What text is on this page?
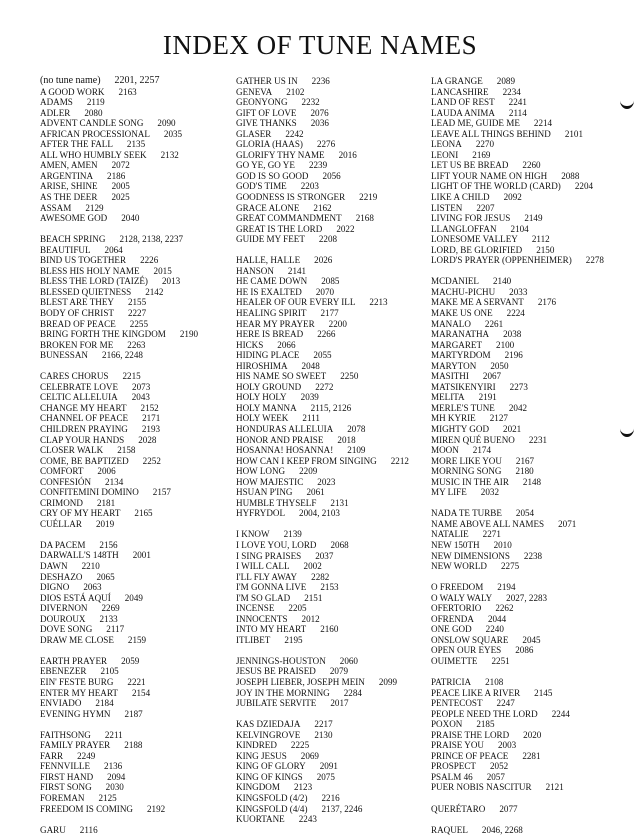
INDEX OF TUNE NAMES
(no tune name) 2201, 2257
A GOOD WORK 2163
ADAMS 2119
ADLER 2080
ADVENT CANDLE SONG 2090
AFRICAN PROCESSIONAL 2035
AFTER THE FALL 2135
ALL WHO HUMBLY SEEK 2132
AMEN, AMEN 2072
ARGENTINA 2186
ARISE, SHINE 2005
AS THE DEER 2025
ASSAM 2129
AWESOME GOD 2040
BEACH SPRING 2128, 2138, 2237
BEAUTIFUL 2064
BIND US TOGETHER 2226
BLESS HIS HOLY NAME 2015
BLESS THE LORD (TAIZÉ) 2013
BLESSED QUIETNESS 2142
BLEST ARE THEY 2155
BODY OF CHRIST 2227
BREAD OF PEACE 2255
BRING FORTH THE KINGDOM 2190
BROKEN FOR ME 2263
BUNESSAN 2166, 2248
CARES CHORUS 2215
CELEBRATE LOVE 2073
CELTIC ALLELUIA 2043
CHANGE MY HEART 2152
CHANNEL OF PEACE 2171
CHILDREN PRAYING 2193
CLAP YOUR HANDS 2028
CLOSER WALK 2158
COME, BE BAPTIZED 2252
COMFORT 2006
CONFESIÓN 2134
CONFITEMINI DOMINO 2157
CRIMOND 2181
CRY OF MY HEART 2165
CUÉLLAR 2019
DA PACEM 2156
DARWALL'S 148TH 2001
DAWN 2210
DESHAZO 2065
DIGNO 2063
DIOS ESTÁ AQUÍ 2049
DIVERNON 2269
DOUROUX 2133
DOVE SONG 2117
DRAW ME CLOSE 2159
EARTH PRAYER 2059
EBENEZER 2105
EIN' FESTE BURG 2221
ENTER MY HEART 2154
ENVIADO 2184
EVENING HYMN 2187
FAITHSONG 2211
FAMILY PRAYER 2188
FARR 2249
FENNVILLE 2136
FIRST HAND 2094
FIRST SONG 2030
FOREMAN 2125
FREEDOM IS COMING 2192
GARU 2116
GATHER US IN 2236
GENEVA 2102
GEONYONG 2232
GIFT OF LOVE 2076
GIVE THANKS 2036
GLASER 2242
GLORIA (HAAS) 2276
GLORIFY THY NAME 2016
GO YE, GO YE 2239
GOD IS SO GOOD 2056
GOD'S TIME 2203
GOODNESS IS STRONGER 2219
GRACE ALONE 2162
GREAT COMMANDMENT 2168
GREAT IS THE LORD 2022
GUIDE MY FEET 2208
HALLE, HALLE 2026
HANSON 2141
HE CAME DOWN 2085
HE IS EXALTED 2070
HEALER OF OUR EVERY ILL 2213
HEALING SPIRIT 2177
HEAR MY PRAYER 2200
HERE IS BREAD 2266
HICKS 2066
HIDING PLACE 2055
HIROSHIMA 2048
HIS NAME SO SWEET 2250
HOLY GROUND 2272
HOLY HOLY 2039
HOLY MANNA 2115, 2126
HOLY WEEK 2111
HONDURAS ALLELUIA 2078
HONOR AND PRAISE 2018
HOSANNA! HOSANNA! 2109
HOW CAN I KEEP FROM SINGING 2212
HOW LONG 2209
HOW MAJESTIC 2023
HSUAN P'ING 2061
HUMBLE THYSELF 2131
HYFRYDOL 2004, 2103
I KNOW 2139
I LOVE YOU, LORD 2068
I SING PRAISES 2037
I WILL CALL 2002
I'LL FLY AWAY 2282
I'M GONNA LIVE 2153
I'M SO GLAD 2151
INCENSE 2205
INNOCENTS 2012
INTO MY HEART 2160
ITLIBET 2195
JENNINGS-HOUSTON 2060
JESUS BE PRAISED 2079
JOSEPH LIEBER, JOSEPH MEIN 2099
JOY IN THE MORNING 2284
JUBILATE SERVITE 2017
KAS DZIEDAJA 2217
KELVINGROVE 2130
KINDRED 2225
KING JESUS 2069
KING OF GLORY 2091
KING OF KINGS 2075
KINGDOM 2123
KINGSFOLD (4/2) 2216
KINGSFOLD (4/4) 2137, 2246
KUORTANE 2243
LA GRANGE 2089
LANCASHIRE 2234
LAND OF REST 2241
LAUDA ANIMA 2114
LEAD ME, GUIDE ME 2214
LEAVE ALL THINGS BEHIND 2101
LEONA 2270
LEONI 2169
LET US BE BREAD 2260
LIFT YOUR NAME ON HIGH 2088
LIGHT OF THE WORLD (CARD) 2204
LIKE A CHILD 2092
LISTEN 2207
LIVING FOR JESUS 2149
LLANGLOFFAN 2104
LONESOME VALLEY 2112
LORD, BE GLORIFIED 2150
LORD'S PRAYER (OPPENHEIMER) 2278
MCDANIEL 2140
MACHU-PICHU 2033
MAKE ME A SERVANT 2176
MAKE US ONE 2224
MANALO 2261
MARANATHA 2038
MARGARET 2100
MARTYRDOM 2196
MARYTON 2050
MASITHI 2067
MATSIKENYIRI 2273
MELITA 2191
MERLE'S TUNE 2042
MH KYRIE 2127
MIGHTY GOD 2021
MIREN QUÉ BUENO 2231
MOON 2174
MORE LIKE YOU 2167
MORNING SONG 2180
MUSIC IN THE AIR 2148
MY LIFE 2032
NADA TE TURBE 2054
NAME ABOVE ALL NAMES 2071
NATALIE 2271
NEW 150TH 2010
NEW DIMENSIONS 2238
NEW WORLD 2275
O FREEDOM 2194
O WALY WALY 2027, 2283
OFERTORIO 2262
OFRENDA 2044
ONE GOD 2240
ONSLOW SQUARE 2045
OPEN OUR EYES 2086
OUIMETTE 2251
PATRICIA 2108
PEACE LIKE A RIVER 2145
PENTECOST 2247
PEOPLE NEED THE LORD 2244
POXON 2185
PRAISE THE LORD 2020
PRAISE YOU 2003
PRINCE OF PEACE 2281
PROSPECT 2052
PSALM 46 2057
PUER NOBIS NASCITUR 2121
QUERÉTARO 2077
RAQUEL 2046, 2268
